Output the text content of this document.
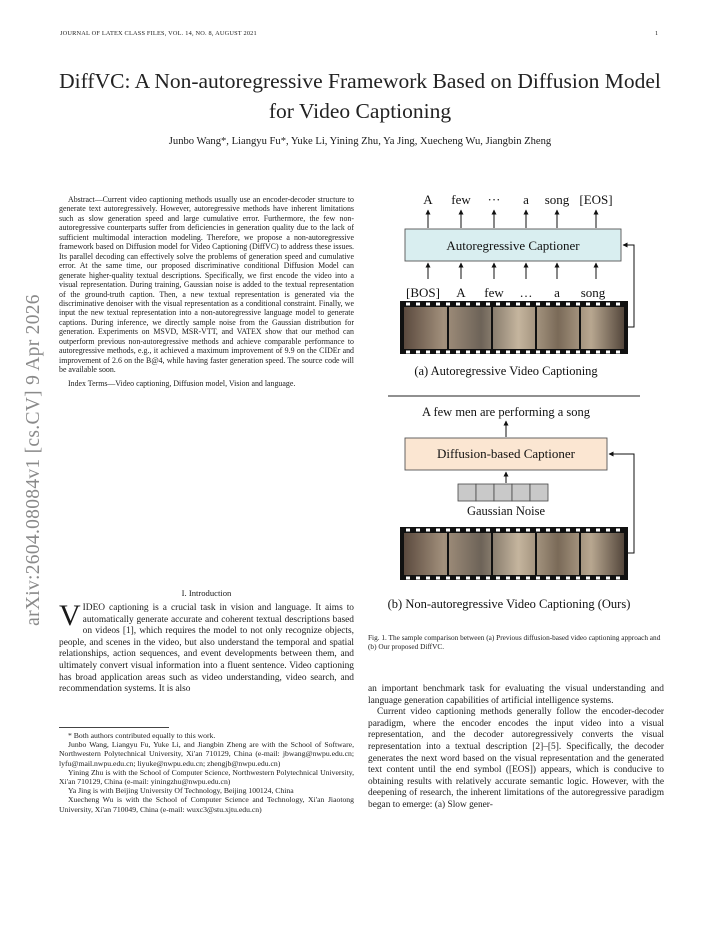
JOURNAL OF LATEX CLASS FILES, VOL. 14, NO. 8, AUGUST 2021	1
DiffVC: A Non-autoregressive Framework Based on Diffusion Model
for Video Captioning
Junbo Wang*, Liangyu Fu*, Yuke Li, Yining Zhu, Ya Jing, Xuecheng Wu, Jiangbin Zheng
arXiv:2604.08084v1 [cs.CV] 9 Apr 2026

Abstract—Current video captioning methods usually use an encoder-decoder structure to generate text autoregressively. However, autoregressive methods have inherent limitations such as slow generation speed and large cumulative error. Furthermore, the few non-autoregressive counterparts suffer from deficiencies in generation quality due to the lack of sufficient multimodal interaction modeling. Therefore, we propose a non-autoregressive framework based on Diffusion model for Video Captioning (DiffVC) to address these issues. Its parallel decoding can effectively solve the problems of generation speed and cumulative error. At the same time, our proposed discriminative conditional Diffusion Model can generate higher-quality textual descriptions. Specifically, we first encode the video into a visual representation. During training, Gaussian noise is added to the textual representation of the ground-truth caption. Then, a new textual representation is generated via the discriminative denoiser with the visual representation as a conditional constraint. Finally, we input the new textual representation into a non-autoregressive language model to generate captions. During inference, we directly sample noise from the Gaussian distribution for generation. Experiments on MSVD, MSR-VTT, and VATEX show that our method can outperform previous non-autoregressive methods and achieve comparable performance to autoregressive methods, e.g., it achieved a maximum improvement of 9.9 on the CIDEr and improvement of 2.6 on the B@4, while having faster generation speed. The source code will be available soon.

Index Terms—Video captioning, Diffusion model, Vision and language.

I. Introduction
VIDEO captioning is a crucial task in vision and language. It aims to automatically generate accurate and coherent textual descriptions based on videos [1], which requires the model to not only recognize objects, people, and scenes in the video, but also understand the temporal and spatial relationships, action sequences, and event developments between them, and ultimately convert visual information into a fluent sentence. Video captioning has broad application areas such as video understanding, video search, and recommendation systems. It is also

* Both authors contributed equally to this work.

Junbo Wang, Liangyu Fu, Yuke Li, and Jiangbin Zheng are with the School of Software, Northwestern Polytechnical University, Xi'an 710129, China (e-mail: jbwang@nwpu.edu.cn; lyfu@mail.nwpu.edu.cn; liyuke@nwpu.edu.cn; zhengjb@nwpu.edu.cn)

Yining Zhu is with the School of Computer Science, Northwestern Polytechnical University, Xi'an 710129, China (e-mail: yiningzhu@nwpu.edu.cn)

Ya Jing is with Beijing University Of Technology, Beijing 100124, China

Xuecheng Wu is with the School of Computer Science and Technology, Xi'an Jiaotong University, Xi'an 710049, China (e-mail: wuxc3@stu.xjtu.edu.cn)

A few ··· a song [EOS]
Autoregressive Captioner
[BOS] A few … a song
(a) Autoregressive Video Captioning
A few men are performing a song
Diffusion-based Captioner
Gaussian Noise
(b) Non-autoregressive Video Captioning (Ours)
Fig. 1. The sample comparison between (a) Previous diffusion-based video captioning approach and (b) Our proposed DiffVC.

an important benchmark task for evaluating the visual understanding and language generation capabilities of artificial intelligence systems.

Current video captioning methods generally follow the encoder-decoder paradigm, where the encoder encodes the input video into a visual representation, and the decoder autoregressively converts the visual representation into a textual description [2]–[5]. Specifically, the decoder generates the next word based on the visual representation and the generated text content until the end symbol ([EOS]) appears, which is conducive to obtaining results with relatively accurate semantic logic. However, with the deepening of research, the inherent limitations of the autoregressive paradigm began to emerge: (a) Slow gener-
